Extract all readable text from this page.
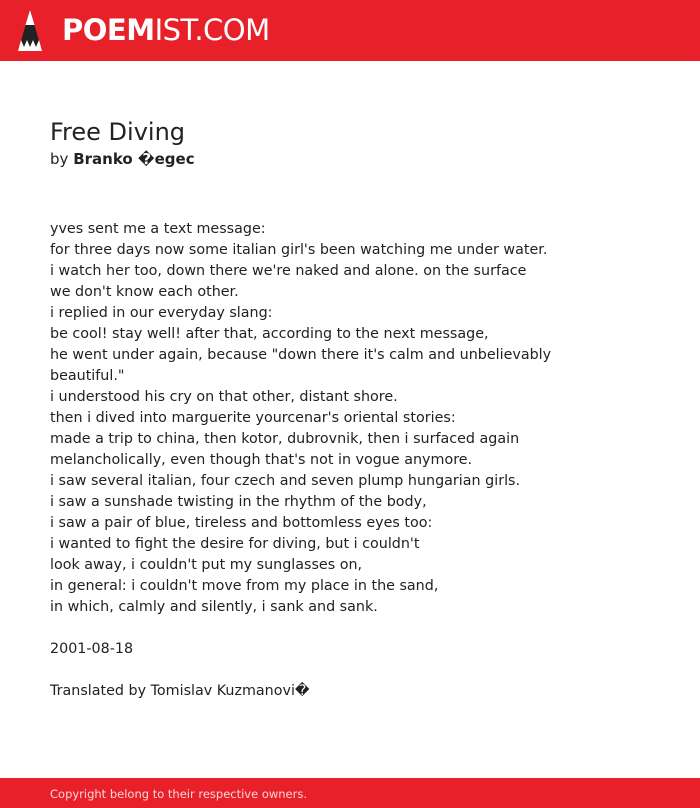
POEMIST.COM
Free Diving
by Branko �egec
yves sent me a text message:
for three days now some italian girl's been watching me under water.
i watch her too, down there we're naked and alone. on the surface
we don't know each other.
i replied in our everyday slang:
be cool! stay well! after that, according to the next message,
he went under again, because "down there it's calm and unbelievably
beautiful."
i understood his cry on that other, distant shore.
then i dived into marguerite yourcenar's oriental stories:
made a trip to china, then kotor, dubrovnik, then i surfaced again
melancholically, even though that's not in vogue anymore.
i saw several italian, four czech and seven plump hungarian girls.
i saw a sunshade twisting in the rhythm of the body,
i saw a pair of blue, tireless and bottomless eyes too:
i wanted to fight the desire for diving, but i couldn't
look away, i couldn't put my sunglasses on,
in general: i couldn't move from my place in the sand,
in which, calmly and silently, i sank and sank.
2001-08-18
Translated by Tomislav Kuzmanovi�
Copyright belong to their respective owners.
